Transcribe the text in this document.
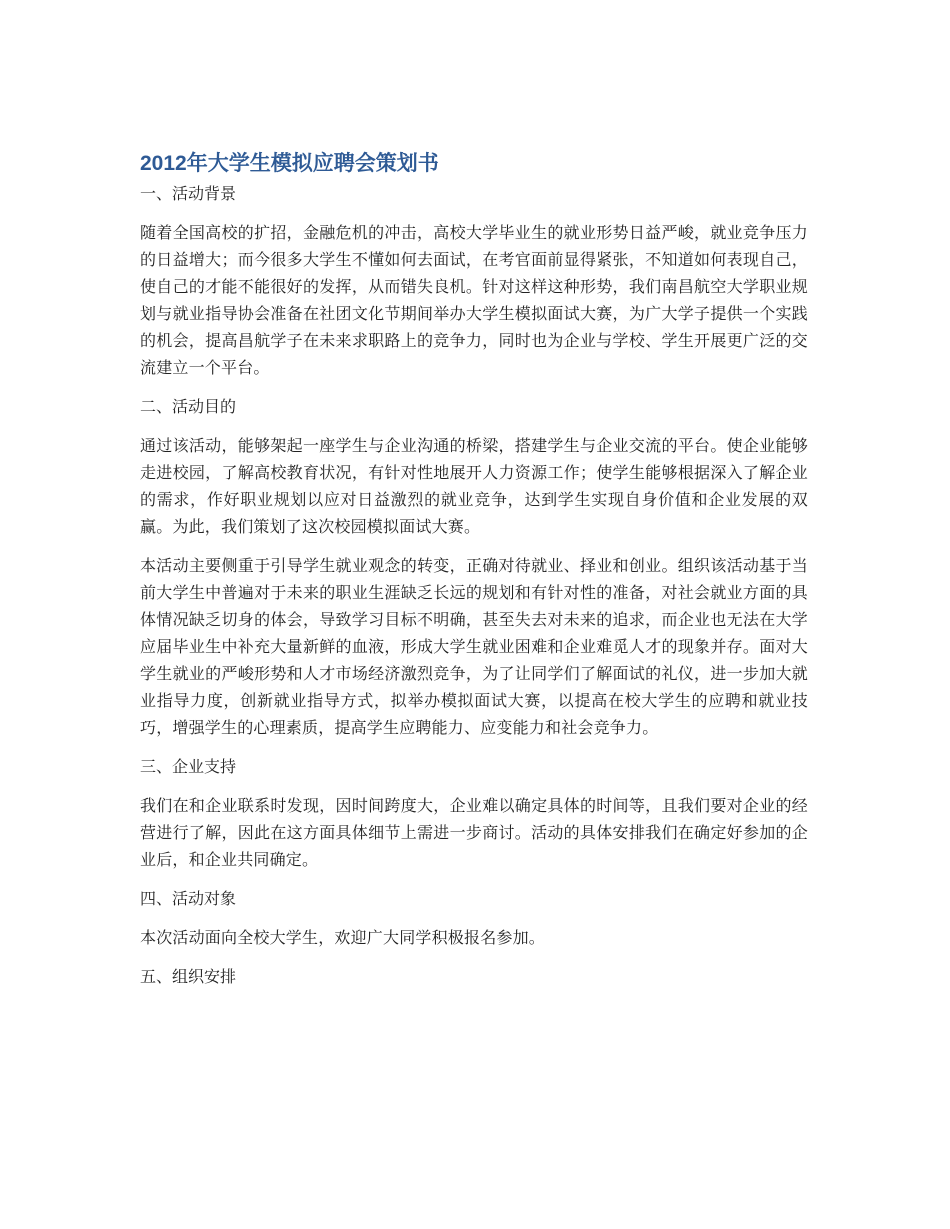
2012年大学生模拟应聘会策划书
一、活动背景

随着全国高校的扩招，金融危机的冲击，高校大学毕业生的就业形势日益严峻，就业竞争压力的日益增大；而今很多大学生不懂如何去面试，在考官面前显得紧张，不知道如何表现自己，使自己的才能不能很好的发挥，从而错失良机。针对这样这种形势，我们南昌航空大学职业规划与就业指导协会准备在社团文化节期间举办大学生模拟面试大赛，为广大学子提供一个实践的机会，提高昌航学子在未来求职路上的竞争力，同时也为企业与学校、学生开展更广泛的交流建立一个平台。

二、活动目的

通过该活动，能够架起一座学生与企业沟通的桥梁，搭建学生与企业交流的平台。使企业能够走进校园，了解高校教育状况，有针对性地展开人力资源工作；使学生能够根据深入了解企业的需求，作好职业规划以应对日益激烈的就业竞争，达到学生实现自身价值和企业发展的双赢。为此，我们策划了这次校园模拟面试大赛。

本活动主要侧重于引导学生就业观念的转变，正确对待就业、择业和创业。组织该活动基于当前大学生中普遍对于未来的职业生涯缺乏长远的规划和有针对性的准备，对社会就业方面的具体情况缺乏切身的体会，导致学习目标不明确，甚至失去对未来的追求，而企业也无法在大学应届毕业生中补充大量新鲜的血液，形成大学生就业困难和企业难觅人才的现象并存。面对大学生就业的严峻形势和人才市场经济激烈竞争，为了让同学们了解面试的礼仪，进一步加大就业指导力度，创新就业指导方式，拟举办模拟面试大赛，以提高在校大学生的应聘和就业技巧，增强学生的心理素质，提高学生应聘能力、应变能力和社会竞争力。

三、企业支持

我们在和企业联系时发现，因时间跨度大，企业难以确定具体的时间等，且我们要对企业的经营进行了解，因此在这方面具体细节上需进一步商讨。活动的具体安排我们在确定好参加的企业后，和企业共同确定。

四、活动对象

本次活动面向全校大学生，欢迎广大同学积极报名参加。

五、组织安排
